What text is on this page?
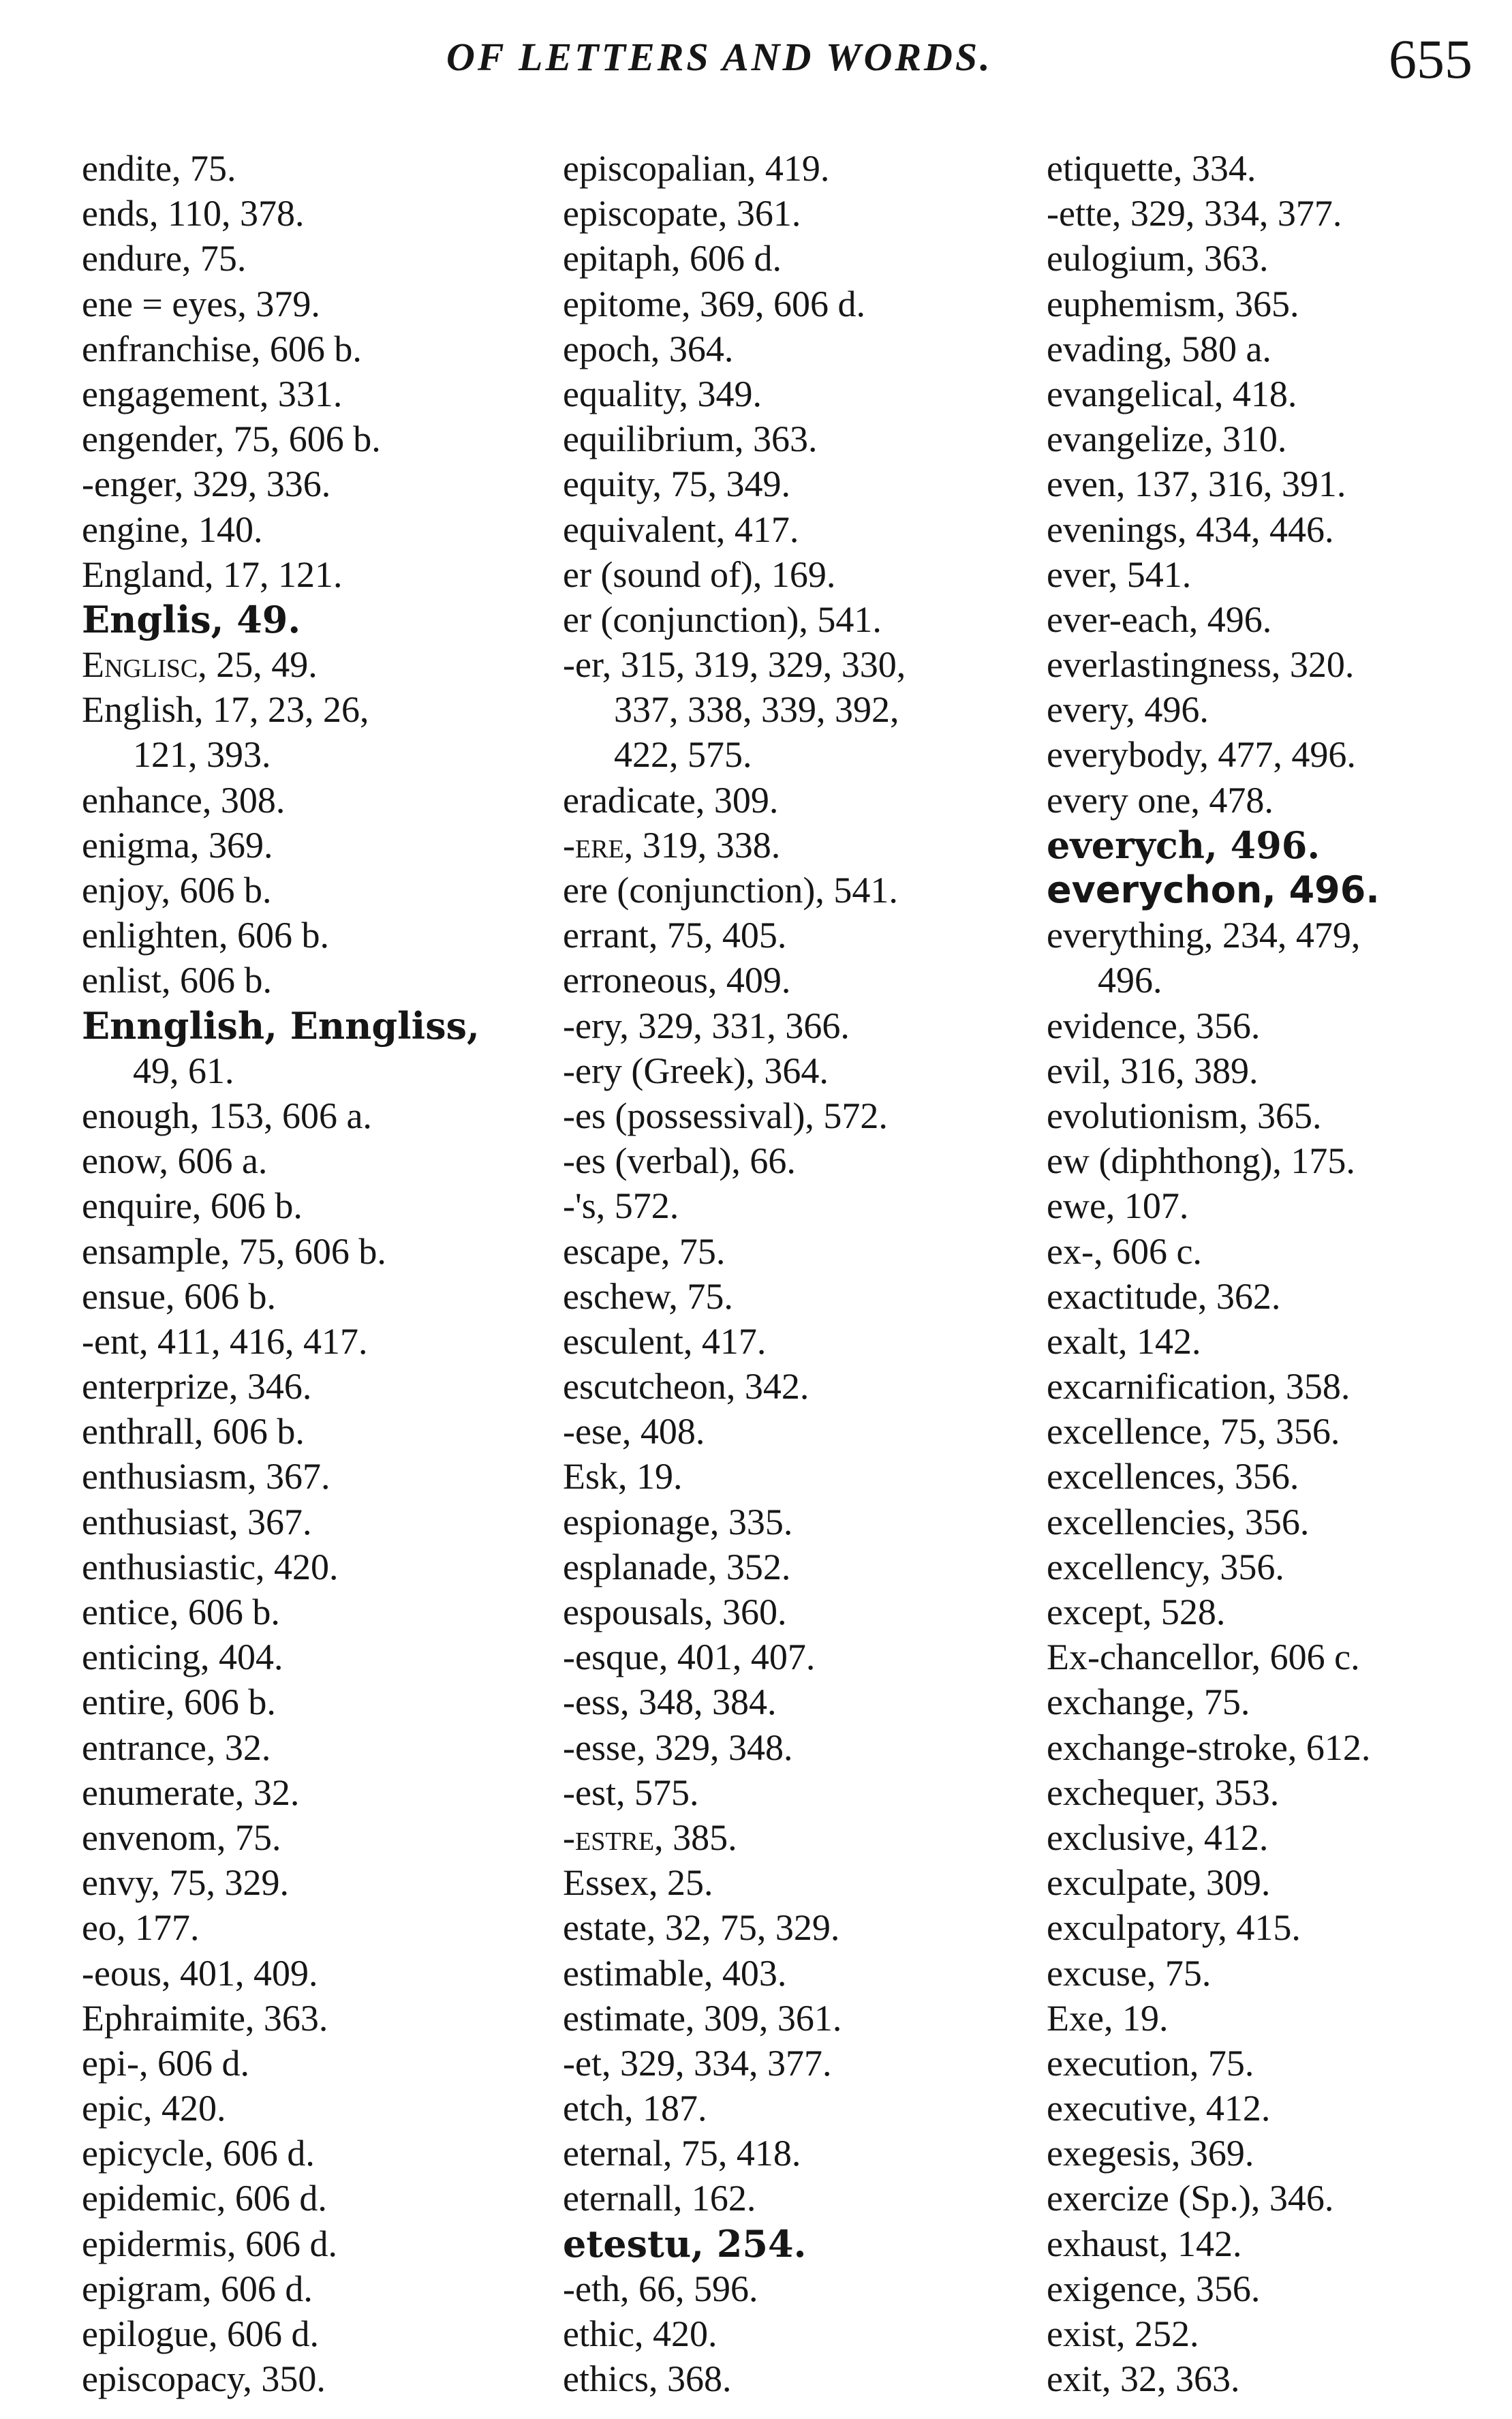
OF LETTERS AND WORDS.	655
endite, 75.
ends, 110, 378.
endure, 75.
ene = eyes, 379.
enfranchise, 606 b.
engagement, 331.
engender, 75, 606 b.
-enger, 329, 336.
engine, 140.
England, 17, 121.
Englis, 49.
Englisc, 25, 49.
English, 17, 23, 26,
121, 393.
enhance, 308.
enigma, 369.
enjoy, 606 b.
enlighten, 606 b.
enlist, 606 b.
Ennglish, Enngliss,
49, 61.
enough, 153, 606 a.
enow, 606 a.
enquire, 606 b.
ensample, 75, 606 b.
ensue, 606 b.
-ent, 411, 416, 417.
enterprize, 346.
enthrall, 606 b.
enthusiasm, 367.
enthusiast, 367.
enthusiastic, 420.
entice, 606 b.
enticing, 404.
entire, 606 b.
entrance, 32.
enumerate, 32.
envenom, 75.
envy, 75, 329.
eo, 177.
-eous, 401, 409.
Ephraimite, 363.
epi-, 606 d.
epic, 420.
epicycle, 606 d.
epidemic, 606 d.
epidermis, 606 d.
epigram, 606 d.
epilogue, 606 d.
episcopacy, 350.
episcopalian, 419.
episcopate, 361.
epitaph, 606 d.
epitome, 369, 606 d.
epoch, 364.
equality, 349.
equilibrium, 363.
equity, 75, 349.
equivalent, 417.
er (sound of), 169.
er (conjunction), 541.
-er, 315, 319, 329, 330,
337, 338, 339, 392,
422, 575.
eradicate, 309.
-ere, 319, 338.
ere (conjunction), 541.
errant, 75, 405.
erroneous, 409.
-ery, 329, 331, 366.
-ery (Greek), 364.
-es (possessival), 572.
-es (verbal), 66.
-'s, 572.
escape, 75.
eschew, 75.
esculent, 417.
escutcheon, 342.
-ese, 408.
Esk, 19.
espionage, 335.
esplanade, 352.
espousals, 360.
-esque, 401, 407.
-ess, 348, 384.
-esse, 329, 348.
-est, 575.
-estre, 385.
Essex, 25.
estate, 32, 75, 329.
estimable, 403.
estimate, 309, 361.
-et, 329, 334, 377.
etch, 187.
eternal, 75, 418.
eternall, 162.
etestu, 254.
-eth, 66, 596.
ethic, 420.
ethics, 368.
etiquette, 334.
-ette, 329, 334, 377.
eulogium, 363.
euphemism, 365.
evading, 580 a.
evangelical, 418.
evangelize, 310.
even, 137, 316, 391.
evenings, 434, 446.
ever, 541.
ever-each, 496.
everlastingness, 320.
every, 496.
everybody, 477, 496.
every one, 478.
everych, 496.
everychon, 496.
everything, 234, 479,
496.
evidence, 356.
evil, 316, 389.
evolutionism, 365.
ew (diphthong), 175.
ewe, 107.
ex-, 606 c.
exactitude, 362.
exalt, 142.
excarnification, 358.
excellence, 75, 356.
excellences, 356.
excellencies, 356.
excellency, 356.
except, 528.
Ex-chancellor, 606 c.
exchange, 75.
exchange-stroke, 612.
exchequer, 353.
exclusive, 412.
exculpate, 309.
exculpatory, 415.
excuse, 75.
Exe, 19.
execution, 75.
executive, 412.
exegesis, 369.
exercize (Sp.), 346.
exhaust, 142.
exigence, 356.
exist, 252.
exit, 32, 363.
